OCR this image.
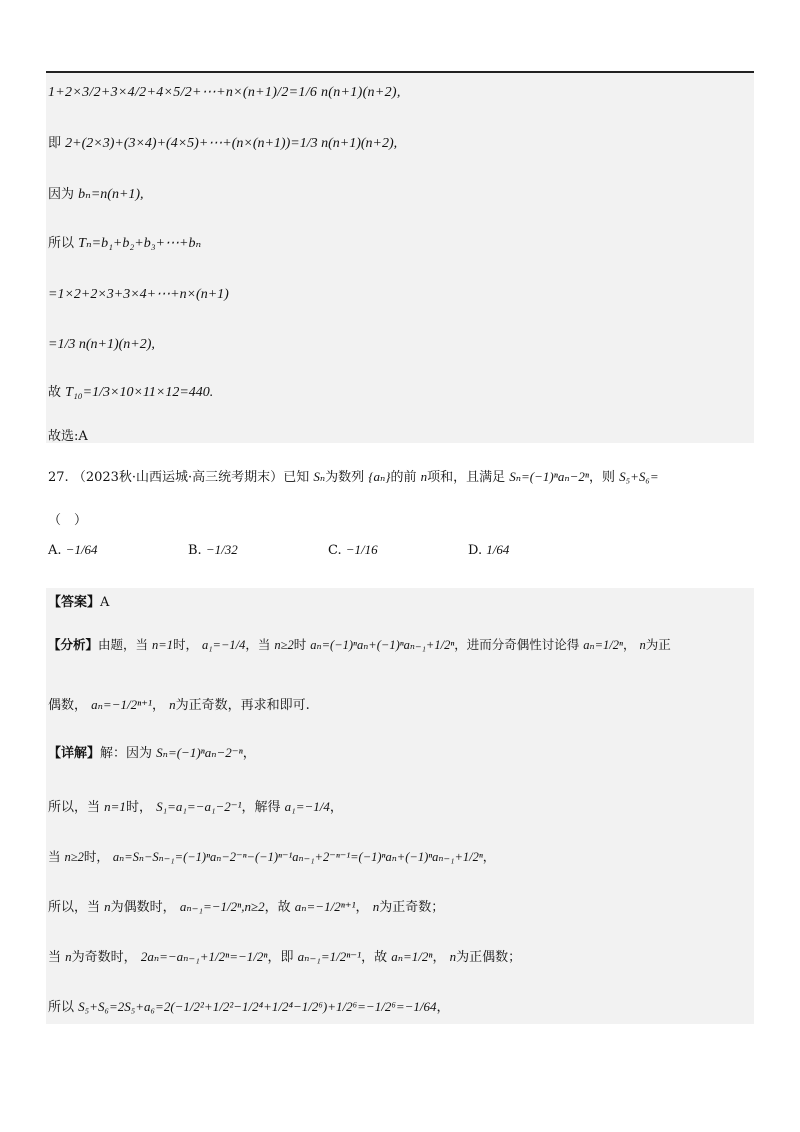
1+2×3/2+3×4/2+4×5/2+⋯+n×(n+1)/2=1/6 n(n+1)(n+2),
即 2+(2×3)+(3×4)+(4×5)+⋯+(n×(n+1))=1/3 n(n+1)(n+2),
因为 bₙ=n(n+1),
所以 Tₙ=b₁+b₂+b₃+⋯+bₙ
=1×2+2×3+3×4+⋯+n×(n+1)
=1/3 n(n+1)(n+2),
故 T₁₀=1/3×10×11×12=440.
故选:A
27. （2023秋·山西运城·高三统考期末）已知 Sₙ为数列 {aₙ}的前 n项和，且满足 Sₙ=(−1)ⁿaₙ−2ⁿ，则 S₅+S₆=
（　）
A. −1/64	B. −1/32	C. −1/16	D. 1/64
【答案】A
【分析】由题，当 n=1时， a₁=−1/4，当 n≥2时 aₙ=(−1)ⁿaₙ+(−1)ⁿaₙ₋₁+1/2ⁿ，进而分奇偶性讨论得 aₙ=1/2ⁿ， n为正
偶数， aₙ=−1/2ⁿ⁺¹， n为正奇数，再求和即可.
【详解】解：因为 Sₙ=(−1)ⁿaₙ−2⁻ⁿ，
所以，当 n=1时， S₁=a₁=−a₁−2⁻¹，解得 a₁=−1/4，
当 n≥2时， aₙ=Sₙ−Sₙ₋₁=(−1)ⁿaₙ−2⁻ⁿ−(−1)ⁿ⁻¹aₙ₋₁+2⁻ⁿ⁻¹=(−1)ⁿaₙ+(−1)ⁿaₙ₋₁+1/2ⁿ，
所以，当 n为偶数时， aₙ₋₁=−1/2ⁿ,n≥2，故 aₙ=−1/2ⁿ⁺¹， n为正奇数；
当 n为奇数时， 2aₙ=−aₙ₋₁+1/2ⁿ=−1/2ⁿ，即 aₙ₋₁=1/2ⁿ⁻¹，故 aₙ=1/2ⁿ， n为正偶数；
所以 S₅+S₆=2S₅+a₆=2(−1/2²+1/2²−1/2⁴+1/2⁴−1/2⁶)+1/2⁶=−1/2⁶=−1/64，
